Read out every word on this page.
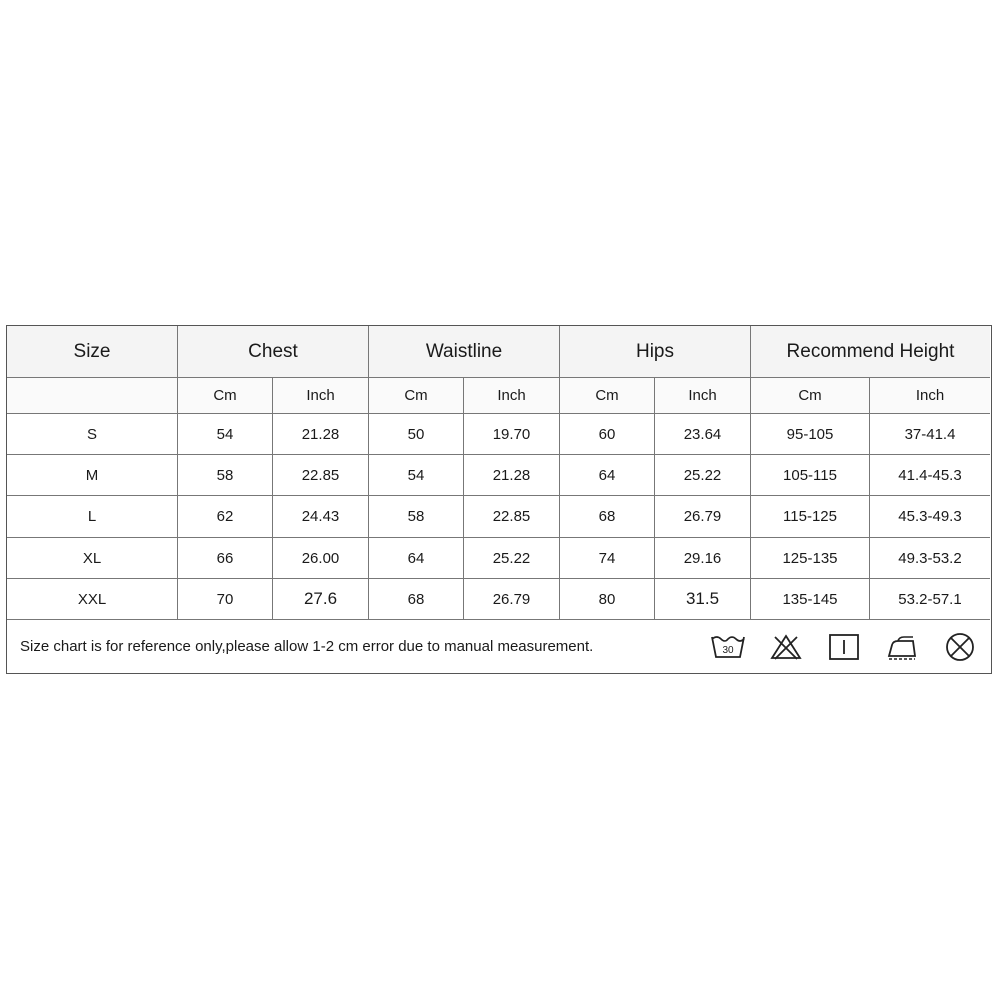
Size	Chest	Waistline	Hips	Recommend Height
Cm	Inch	Cm	Inch	Cm	Inch	Cm	Inch
S	54	21.28	50	19.70	60	23.64	95-105	37-41.4
M	58	22.85	54	21.28	64	25.22	105-115	41.4-45.3
L	62	24.43	58	22.85	68	26.79	115-125	45.3-49.3
XL	66	26.00	64	25.22	74	29.16	125-135	49.3-53.2
XXL	70	27.6	68	26.79	80	31.5	135-145	53.2-57.1
Size chart is for reference only,please allow 1-2 cm error due to manual measurement.	30
